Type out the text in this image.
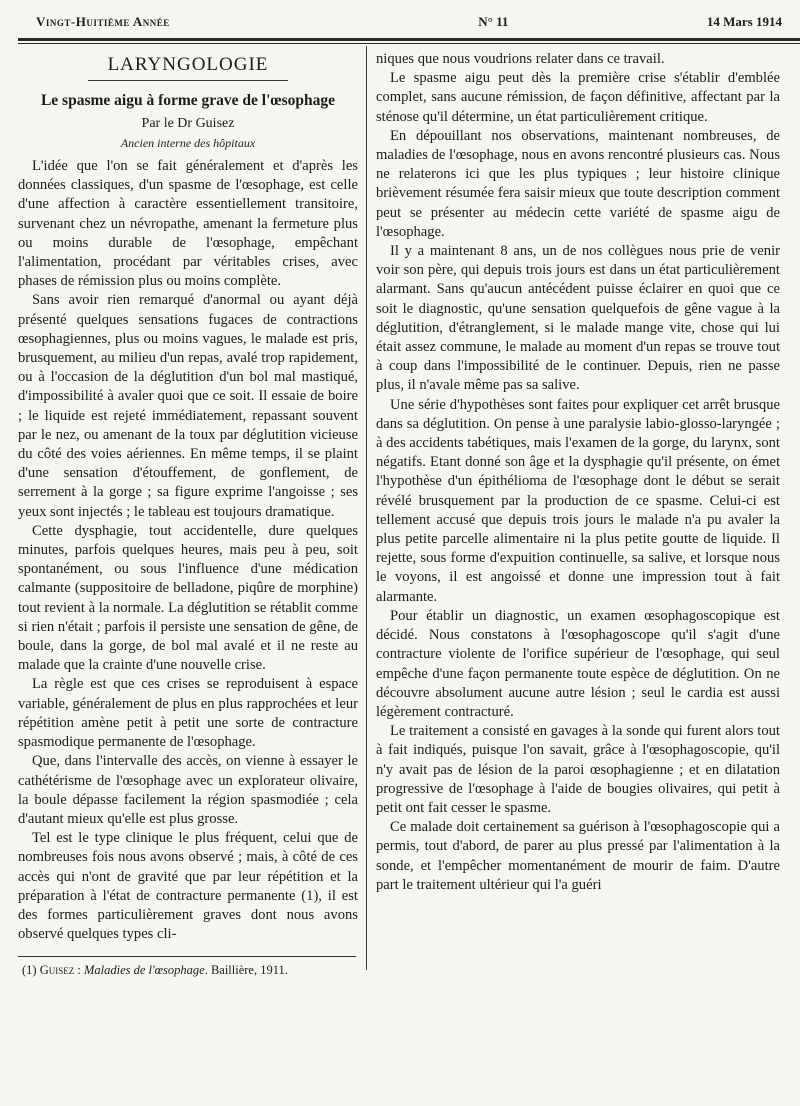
Vingt-Huitième Année	N° 11	14 Mars 1914
LARYNGOLOGIE
Le spasme aigu à forme grave de l'œsophage
Par le Dr Guisez
Ancien interne des hôpitaux

L'idée que l'on se fait généralement et d'après les données classiques, d'un spasme de l'œsophage, est celle d'une affection à caractère essentiellement transitoire, survenant chez un névropathe, amenant la fermeture plus ou moins durable de l'œsophage, empêchant l'alimentation, procédant par véritables crises, avec phases de rémission plus ou moins complète.

Sans avoir rien remarqué d'anormal ou ayant déjà présenté quelques sensations fugaces de contractions œsophagiennes, plus ou moins vagues, le malade est pris, brusquement, au milieu d'un repas, avalé trop rapidement, ou à l'occasion de la déglutition d'un bol mal mastiqué, d'impossibilité à avaler quoi que ce soit. Il essaie de boire ; le liquide est rejeté immédiatement, repassant souvent par le nez, ou amenant de la toux par déglutition vicieuse du côté des voies aériennes. En même temps, il se plaint d'une sensation d'étouffement, de gonflement, de serrement à la gorge ; sa figure exprime l'angoisse ; ses yeux sont injectés ; le tableau est toujours dramatique.

Cette dysphagie, tout accidentelle, dure quelques minutes, parfois quelques heures, mais peu à peu, soit spontanément, ou sous l'influence d'une médication calmante (suppositoire de belladone, piqûre de morphine) tout revient à la normale. La déglutition se rétablit comme si rien n'était ; parfois il persiste une sensation de gêne, de boule, dans la gorge, de bol mal avalé et il ne reste au malade que la crainte d'une nouvelle crise.

La règle est que ces crises se reproduisent à espace variable, généralement de plus en plus rapprochées et leur répétition amène petit à petit une sorte de contracture spasmodique permanente de l'œsophage.

Que, dans l'intervalle des accès, on vienne à essayer le cathétérisme de l'œsophage avec un explorateur olivaire, la boule dépasse facilement la région spasmodiée ; cela d'autant mieux qu'elle est plus grosse.

Tel est le type clinique le plus fréquent, celui que de nombreuses fois nous avons observé ; mais, à côté de ces accès qui n'ont de gravité que par leur répétition et la préparation à l'état de contracture permanente (1), il est des formes particulièrement graves dont nous avons observé quelques types cli-

niques que nous voudrions relater dans ce travail.

Le spasme aigu peut dès la première crise s'établir d'emblée complet, sans aucune rémission, de façon définitive, affectant par la sténose qu'il détermine, un état particulièrement critique.

En dépouillant nos observations, maintenant nombreuses, de maladies de l'œsophage, nous en avons rencontré plusieurs cas. Nous ne relaterons ici que les plus typiques ; leur histoire clinique brièvement résumée fera saisir mieux que toute description comment peut se présenter au médecin cette variété de spasme aigu de l'œsophage.

Il y a maintenant 8 ans, un de nos collègues nous prie de venir voir son père, qui depuis trois jours est dans un état particulièrement alarmant. Sans qu'aucun antécédent puisse éclairer en quoi que ce soit le diagnostic, qu'une sensation quelquefois de gêne vague à la déglutition, d'étranglement, si le malade mange vite, chose qui lui était assez commune, le malade au moment d'un repas se trouve tout à coup dans l'impossibilité de le continuer. Depuis, rien ne passe plus, il n'avale même pas sa salive.

Une série d'hypothèses sont faites pour expliquer cet arrêt brusque dans sa déglutition. On pense à une paralysie labio-glosso-laryngée ; à des accidents tabétiques, mais l'examen de la gorge, du larynx, sont négatifs. Etant donné son âge et la dysphagie qu'il présente, on émet l'hypothèse d'un épithélioma de l'œsophage dont le début se serait révélé brusquement par la production de ce spasme. Celui-ci est tellement accusé que depuis trois jours le malade n'a pu avaler la plus petite parcelle alimentaire ni la plus petite goutte de liquide. Il rejette, sous forme d'expuition continuelle, sa salive, et lorsque nous le voyons, il est angoissé et donne une impression tout à fait alarmante.

Pour établir un diagnostic, un examen œsophagoscopique est décidé. Nous constatons à l'œsophagoscope qu'il s'agit d'une contracture violente de l'orifice supérieur de l'œsophage, qui seul empêche d'une façon permanente toute espèce de déglutition. On ne découvre absolument aucune autre lésion ; seul le cardia est aussi légèrement contracturé.

Le traitement a consisté en gavages à la sonde qui furent alors tout à fait indiqués, puisque l'on savait, grâce à l'œsophagoscopie, qu'il n'y avait pas de lésion de la paroi œsophagienne ; et en dilatation progressive de l'œsophage à l'aide de bougies olivaires, qui petit à petit ont fait cesser le spasme.

Ce malade doit certainement sa guérison à l'œsophagoscopie qui a permis, tout d'abord, de parer au plus pressé par l'alimentation à la sonde, et l'empêcher momentanément de mourir de faim. D'autre part le traitement ultérieur qui l'a guéri

(1) Guisez : Maladies de l'œsophage. Baillière, 1911.
